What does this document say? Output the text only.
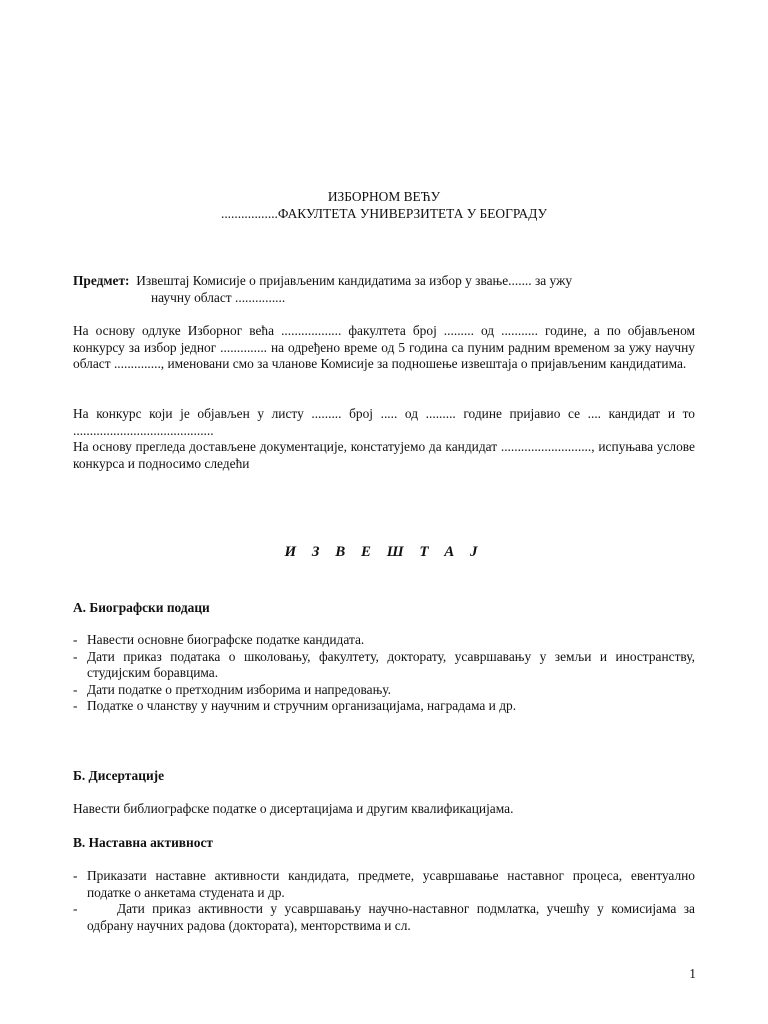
ИЗБОРНОМ ВЕЋУ
.................ФАКУЛТЕТА УНИВЕРЗИТЕТА У БЕОГРАДУ
Предмет: Извештај Комисије о пријављеним кандидатима за избор у звање....... за ужу
научну област ...............
На основу одлуке Изборног већа .................. факултета број ......... од ........... године, а по објављеном конкурсу за избор једног .............. на одређено време од 5 година са пуним радним временом за ужу научну област .............., именовани смо за чланове Комисије за подношење извештаја о пријављеним кандидатима.
На конкурс који је објављен у листу ......... број ..... од ......... године пријавио се .... кандидат и то ..........................................
На основу прегледа достављене документације, констатујемо да кандидат ..........................., испуњава услове конкурса и подносимо следећи
И З В Е Ш Т А Ј
А. Биографски подаци
- Навести основне биографске податке кандидата.
- Дати приказ података о школовању, факултету, докторату, усавршавању у земљи и иностранству, студијским боравцима.
- Дати податке о претходним изборима и напредовању.
- Податке о чланству у научним и стручним организацијама, наградама и др.
Б. Дисертације
Навести библиографске податке о дисертацијама и другим квалификацијама.
В. Наставна активност
- Приказати наставне активности кандидата, предмете, усавршавање наставног процеса, евентуално податке о анкетама студената и др.
- Дати приказ активности у усавршавању научно-наставног подмлатка, учешћу у комисијама за одбрану научних радова (доктората), менторствима и сл.
1
